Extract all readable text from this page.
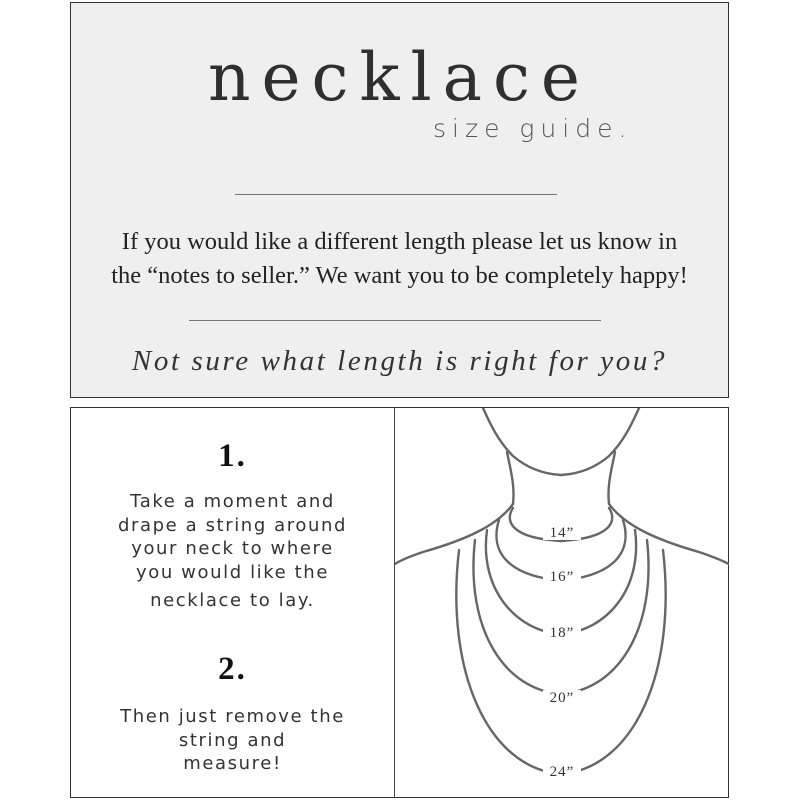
necklace
size guide.
If you would like a different length please let us know in
the “notes to seller.” We want you to be completely happy!
Not sure what length is right for you?
1.
Take a moment and
drape a string around
your neck to where
you would like the
necklace to lay.
2.
Then just remove the
string and
measure!
14”
16”
18”
20”
24”
